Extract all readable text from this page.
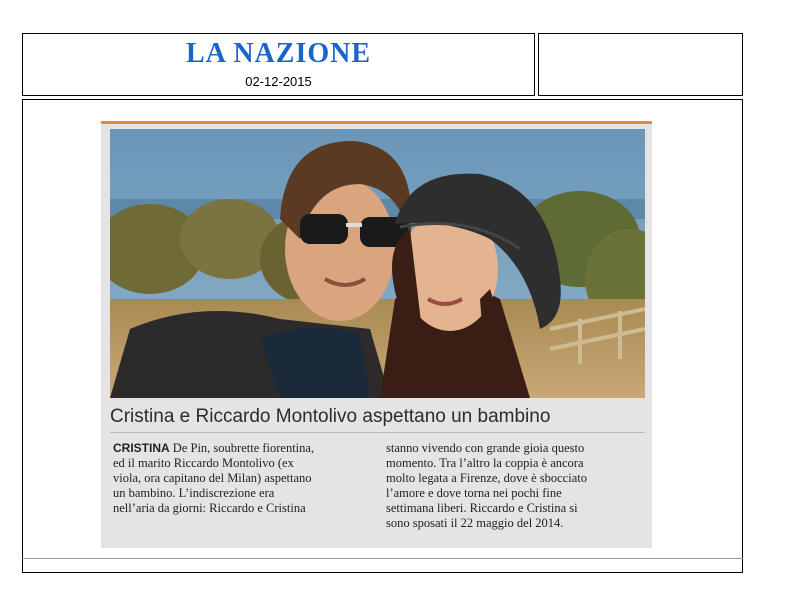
LA NAZIONE
02-12-2015
Cristina e Riccardo Montolivo aspettano un bambino
CRISTINA De Pin, soubrette fiorentina,
ed il marito Riccardo Montolivo (ex
viola, ora capitano del Milan) aspettano
un bambino. L’indiscrezione era
nell’aria da giorni: Riccardo e Cristina
stanno vivendo con grande gioia questo
momento. Tra l’altro la coppia è ancora
molto legata a Firenze, dove è sbocciato
l’amore e dove torna nei pochi fine
settimana liberi. Riccardo e Cristina si
sono sposati il 22 maggio del 2014.
